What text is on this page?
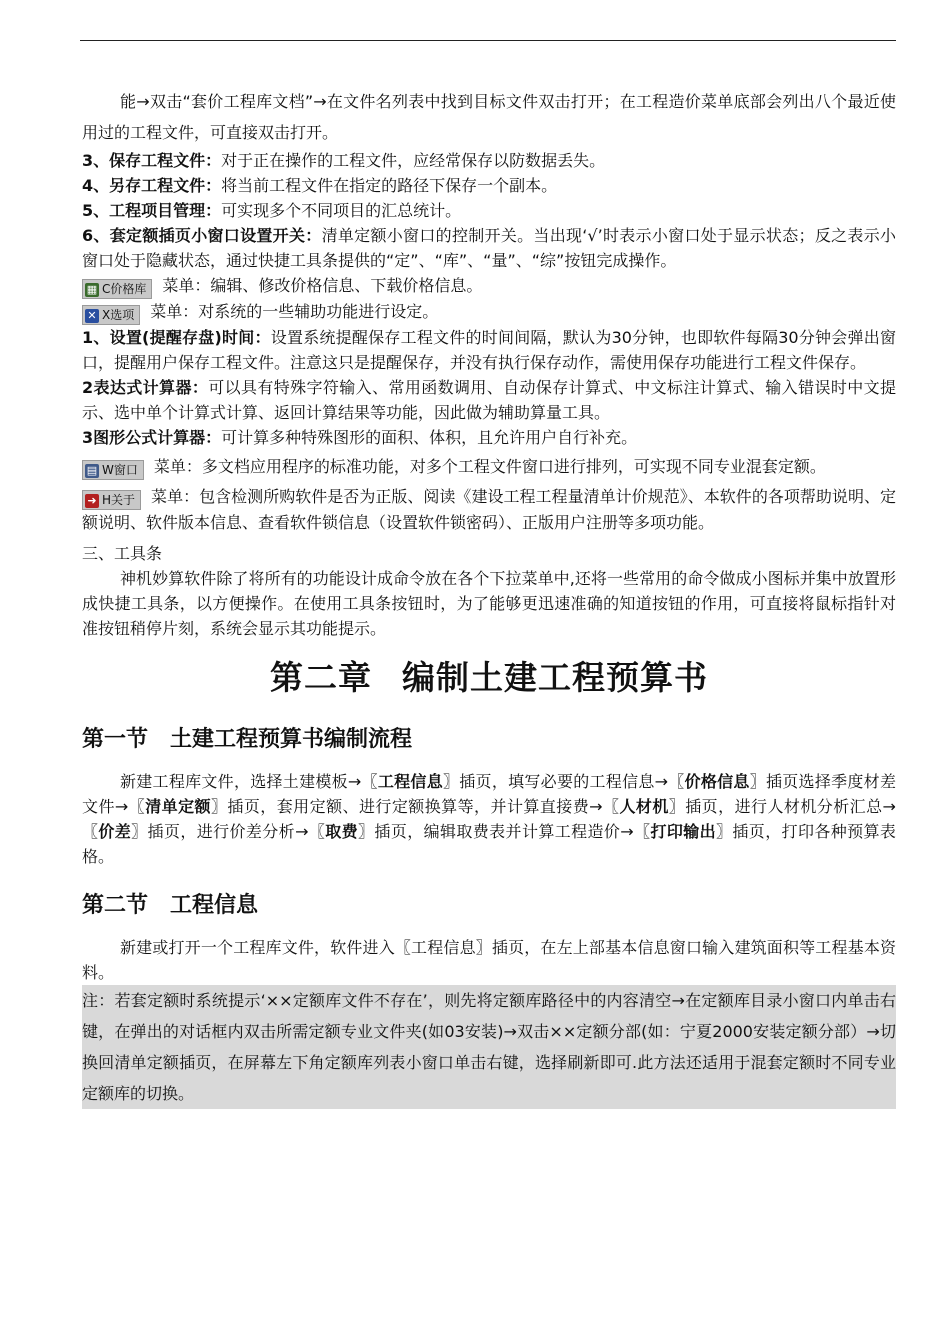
能→双击“套价工程库文档”→在文件名列表中找到目标文件双击打开；在工程造价菜单底部会列出八个最近使用过的工程文件，可直接双击打开。

3、保存工程文件：对于正在操作的工程文件，应经常保存以防数据丢失。

4、另存工程文件：将当前工程文件在指定的路径下保存一个副本。

5、工程项目管理：可实现多个不同项目的汇总统计。

6、套定额插页小窗口设置开关：清单定额小窗口的控制开关。当出现‘√’时表示小窗口处于显示状态；反之表示小窗口处于隐藏状态，通过快捷工具条提供的“定”、“库”、“量”、“综”按钮完成操作。

▦ C价格库 菜单：编辑、修改价格信息、下载价格信息。

✕ X选项 菜单：对系统的一些辅助功能进行设定。

1、设置(提醒存盘)时间：设置系统提醒保存工程文件的时间间隔，默认为30分钟，也即软件每隔30分钟会弹出窗口，提醒用户保存工程文件。注意这只是提醒保存，并没有执行保存动作，需使用保存功能进行工程文件保存。

2表达式计算器：可以具有特殊字符输入、常用函数调用、自动保存计算式、中文标注计算式、输入错误时中文提示、选中单个计算式计算、返回计算结果等功能，因此做为辅助算量工具。

3图形公式计算器：可计算多种特殊图形的面积、体积，且允许用户自行补充。

▤ W窗口 菜单：多文档应用程序的标准功能，对多个工程文件窗口进行排列，可实现不同专业混套定额。

➜ H关于 菜单：包含检测所购软件是否为正版、阅读《建设工程工程量清单计价规范》、本软件的各项帮助说明、定额说明、软件版本信息、查看软件锁信息（设置软件锁密码）、正版用户注册等多项功能。

三、工具条

神机妙算软件除了将所有的功能设计成命令放在各个下拉菜单中,还将一些常用的命令做成小图标并集中放置形成快捷工具条，以方便操作。在使用工具条按钮时，为了能够更迅速准确的知道按钮的作用，可直接将鼠标指针对准按钮稍停片刻，系统会显示其功能提示。

第二章 编制土建工程预算书
第一节 土建工程预算书编制流程

新建工程库文件，选择土建模板→〖工程信息〗插页，填写必要的工程信息→〖价格信息〗插页选择季度材差文件→〖清单定额〗插页，套用定额、进行定额换算等，并计算直接费→〖人材机〗插页，进行人材机分析汇总→〖价差〗插页，进行价差分析→〖取费〗插页，编辑取费表并计算工程造价→〖打印输出〗插页，打印各种预算表格。

第二节 工程信息

新建或打开一个工程库文件，软件进入〖工程信息〗插页，在左上部基本信息窗口输入建筑面积等工程基本资料。

注：若套定额时系统提示‘××定额库文件不存在’，则先将定额库路径中的内容清空→在定额库目录小窗口内单击右键，在弹出的对话框内双击所需定额专业文件夹(如03安装)→双击××定额分部(如：宁夏2000安装定额分部）→切换回清单定额插页，在屏幕左下角定额库列表小窗口单击右键，选择刷新即可.此方法还适用于混套定额时不同专业定额库的切换。
